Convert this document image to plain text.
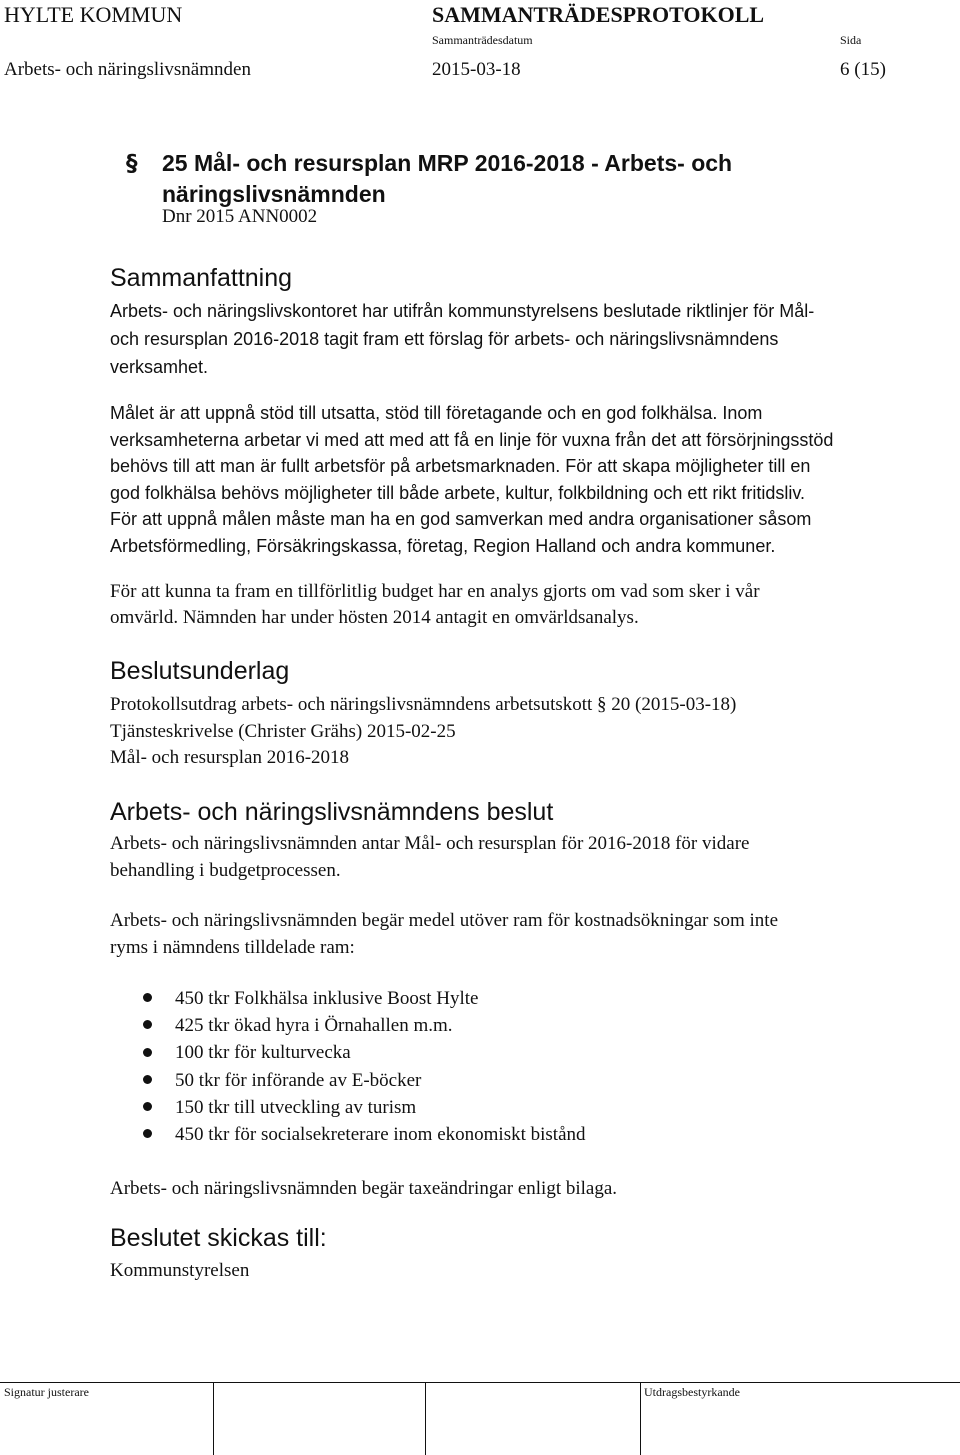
HYLTE KOMMUN	SAMMANTRÄDESPROTOKOLL
Sammanträdesdatum	Sida
Arbets- och näringslivsnämnden	2015-03-18	6 (15)
§ 25 Mål- och resursplan MRP 2016-2018 - Arbets- och
näringslivsnämnden
Dnr 2015 ANN0002
Sammanfattning
Arbets- och näringslivskontoret har utifrån kommunstyrelsens beslutade riktlinjer för Mål-
och resursplan 2016-2018 tagit fram ett förslag för arbets- och näringslivsnämndens
verksamhet.
Målet är att uppnå stöd till utsatta, stöd till företagande och en god folkhälsa. Inom
verksamheterna arbetar vi med att med att få en linje för vuxna från det att försörjningsstöd
behövs till att man är fullt arbetsför på arbetsmarknaden. För att skapa möjligheter till en
god folkhälsa behövs möjligheter till både arbete, kultur, folkbildning och ett rikt fritidsliv.
För att uppnå målen måste man ha en god samverkan med andra organisationer såsom
Arbetsförmedling, Försäkringskassa, företag, Region Halland och andra kommuner.
För att kunna ta fram en tillförlitlig budget har en analys gjorts om vad som sker i vår
omvärld. Nämnden har under hösten 2014 antagit en omvärldsanalys.
Beslutsunderlag
Protokollsutdrag arbets- och näringslivsnämndens arbetsutskott § 20 (2015-03-18)
Tjänsteskrivelse (Christer Grähs) 2015-02-25
Mål- och resursplan 2016-2018
Arbets- och näringslivsnämndens beslut
Arbets- och näringslivsnämnden antar Mål- och resursplan för 2016-2018 för vidare
behandling i budgetprocessen.
Arbets- och näringslivsnämnden begär medel utöver ram för kostnadsökningar som inte
ryms i nämndens tilldelade ram:
450 tkr Folkhälsa inklusive Boost Hylte
425 tkr ökad hyra i Örnahallen m.m.
100 tkr för kulturvecka
50 tkr för införande av E-böcker
150 tkr till utveckling av turism
450 tkr för socialsekreterare inom ekonomiskt bistånd
Arbets- och näringslivsnämnden begär taxeändringar enligt bilaga.
Beslutet skickas till:
Kommunstyrelsen
Signatur justerare	Utdragsbestyrkande
